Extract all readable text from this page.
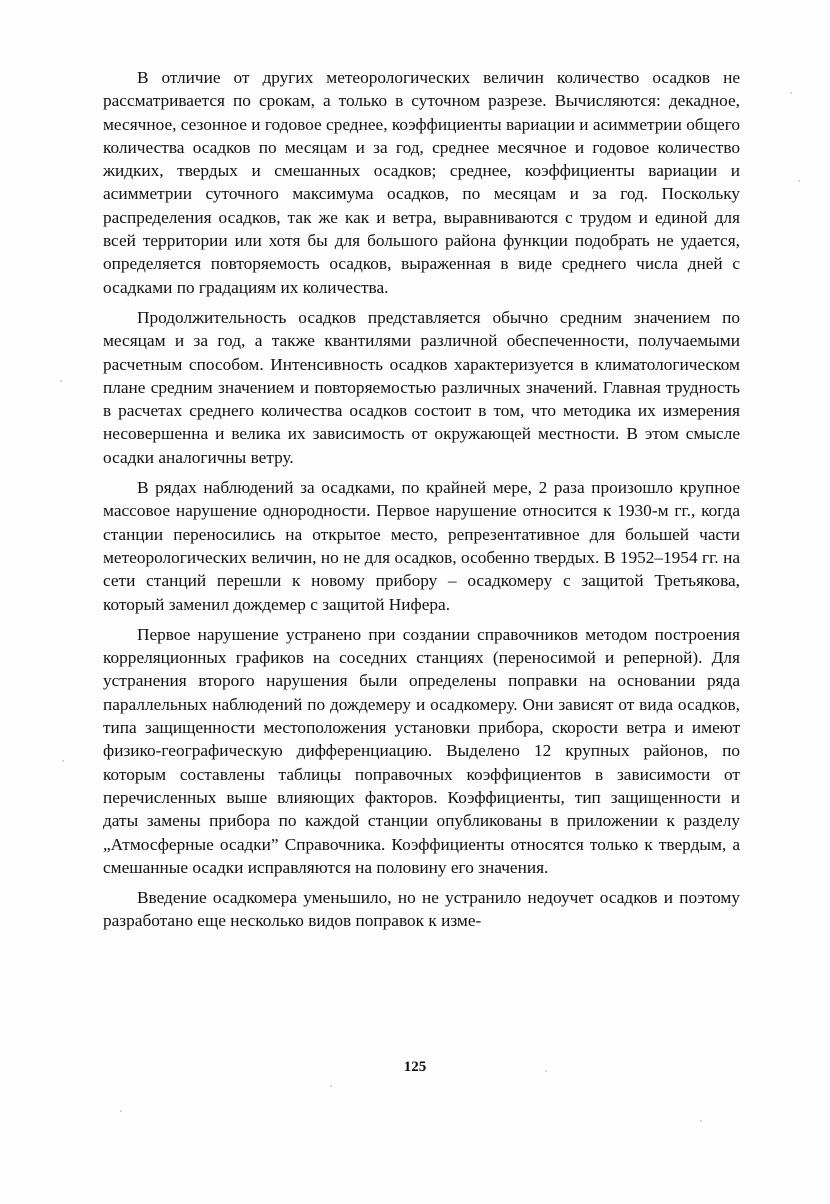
В отличие от других метеорологических величин количество осадков не рассматривается по срокам, а только в суточном разрезе. Вычисляются: декадное, месячное, сезонное и годовое среднее, коэффициенты вариации и асимметрии общего количества осадков по месяцам и за год, среднее месячное и годовое количество жидких, твердых и смешанных осадков; среднее, коэффициенты вариации и асимметрии суточного максимума осадков, по месяцам и за год. Поскольку распределения осадков, так же как и ветра, выравниваются с трудом и единой для всей территории или хотя бы для большого района функции подобрать не удается, определяется повторяемость осадков, выраженная в виде среднего числа дней с осадками по градациям их количества.

Продолжительность осадков представляется обычно средним значением по месяцам и за год, а также квантилями различной обеспеченности, получаемыми расчетным способом. Интенсивность осадков характеризуется в климатологическом плане средним значением и повторяемостью различных значений. Главная трудность в расчетах среднего количества осадков состоит в том, что методика их измерения несовершенна и велика их зависимость от окружающей местности. В этом смысле осадки аналогичны ветру.

В рядах наблюдений за осадками, по крайней мере, 2 раза произошло крупное массовое нарушение однородности. Первое нарушение относится к 1930-м гг., когда станции переносились на открытое место, репрезентативное для большей части метеорологических величин, но не для осадков, особенно твердых. В 1952–1954 гг. на сети станций перешли к новому прибору – осадкомеру с защитой Третьякова, который заменил дождемер с защитой Нифера.

Первое нарушение устранено при создании справочников методом построения корреляционных графиков на соседних станциях (переносимой и реперной). Для устранения второго нарушения были определены поправки на основании ряда параллельных наблюдений по дождемеру и осадкомеру. Они зависят от вида осадков, типа защищенности местоположения установки прибора, скорости ветра и имеют физико-географическую дифференциацию. Выделено 12 крупных районов, по которым составлены таблицы поправочных коэффициентов в зависимости от перечисленных выше влияющих факторов. Коэффициенты, тип защищенности и даты замены прибора по каждой станции опубликованы в приложении к разделу „Атмосферные осадки” Справочника. Коэффициенты относятся только к твердым, а смешанные осадки исправляются на половину его значения.

Введение осадкомера уменьшило, но не устранило недоучет осадков и поэтому разработано еще несколько видов поправок к изме-

125
